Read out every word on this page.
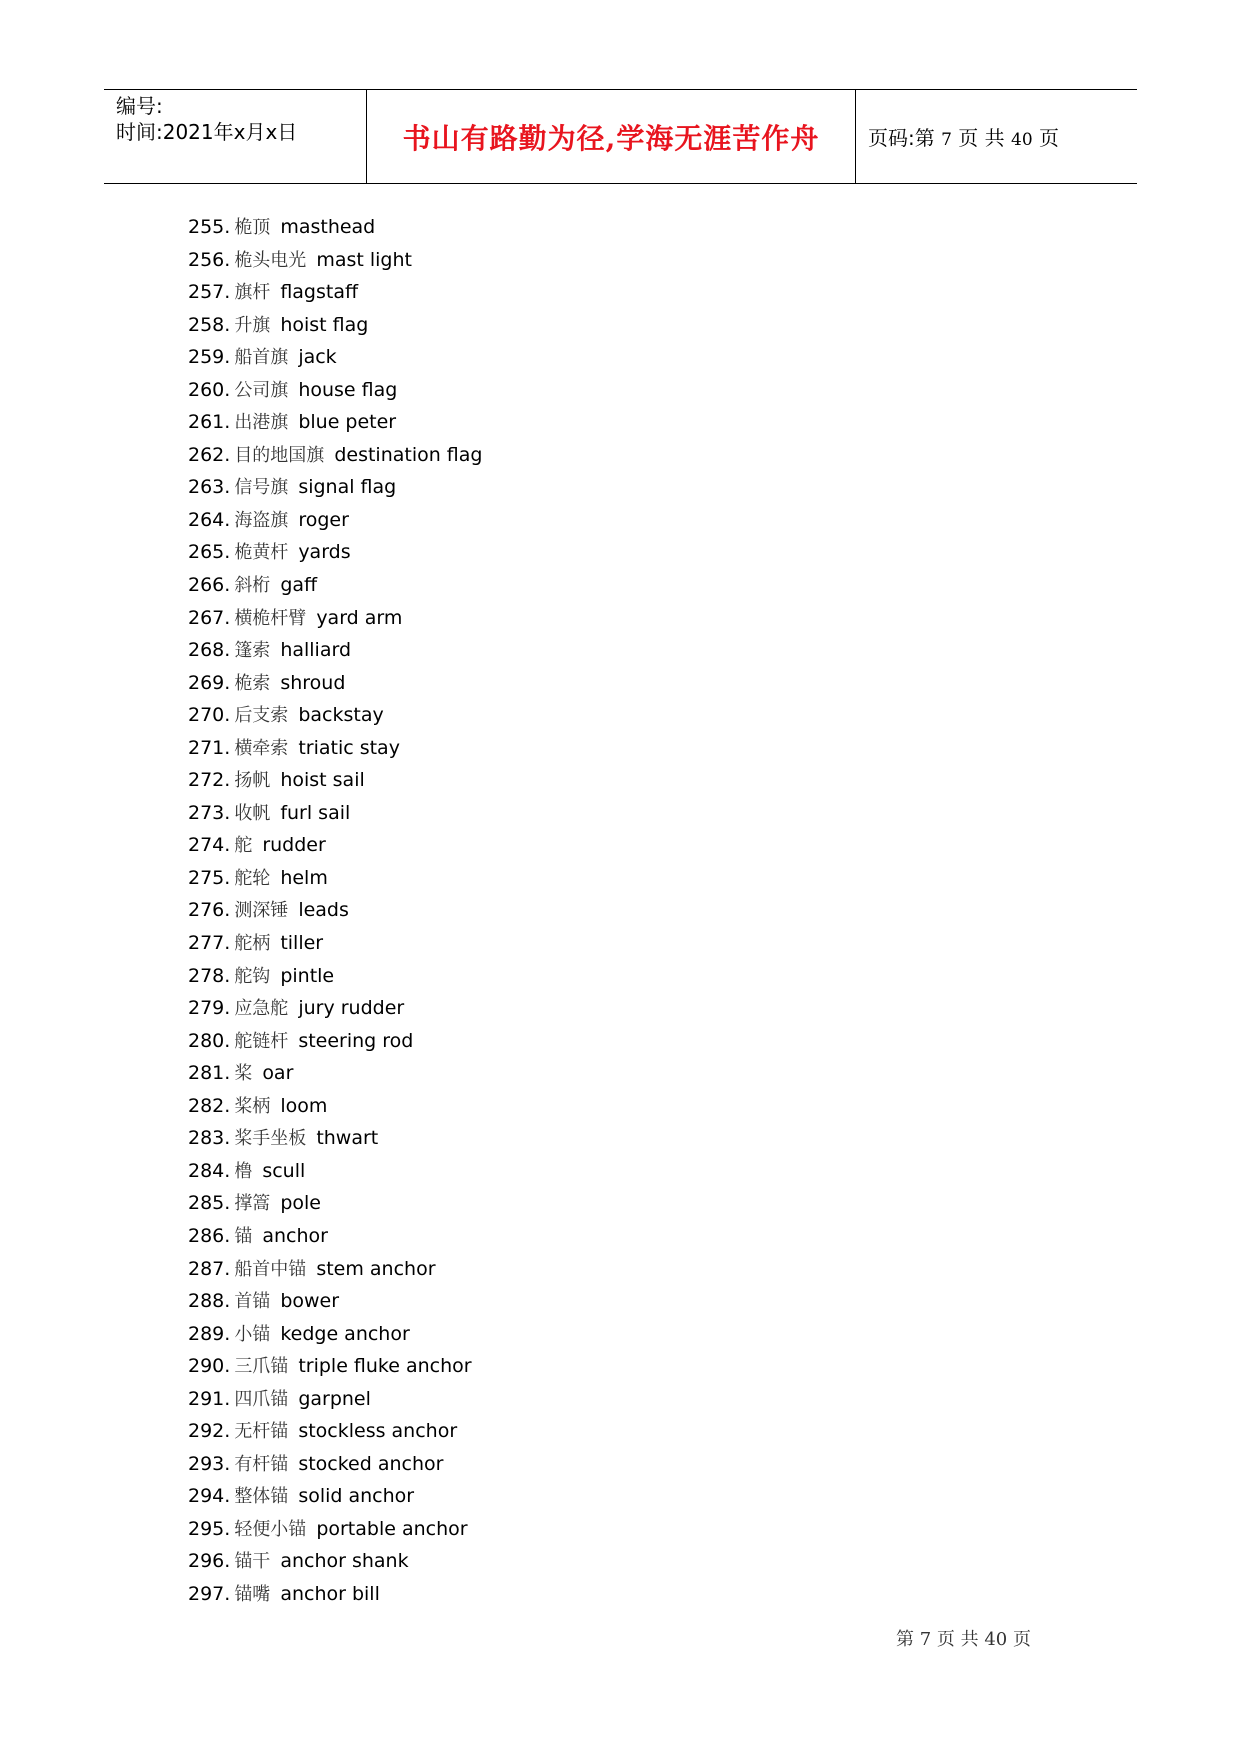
编号:
时间:2021年x月x日	书山有路勤为径,学海无涯苦作舟 页码:第 7 页 共 40 页
255. 桅顶 masthead
256. 桅头电光 mast light
257. 旗杆 flagstaff
258. 升旗 hoist flag
259. 船首旗 jack
260. 公司旗 house flag
261. 出港旗 blue peter
262. 目的地国旗 destination flag
263. 信号旗 signal flag
264. 海盗旗 roger
265. 桅黄杆 yards
266. 斜桁 gaff
267. 横桅杆臂 yard arm
268. 篷索 halliard
269. 桅索 shroud
270. 后支索 backstay
271. 横牵索 triatic stay
272. 扬帆 hoist sail
273. 收帆 furl sail
274. 舵 rudder
275. 舵轮 helm
276. 测深锤 leads
277. 舵柄 tiller
278. 舵钩 pintle
279. 应急舵 jury rudder
280. 舵链杆 steering rod
281. 桨 oar
282. 桨柄 loom
283. 桨手坐板 thwart
284. 橹 scull
285. 撑篙 pole
286. 锚 anchor
287. 船首中锚 stem anchor
288. 首锚 bower
289. 小锚 kedge anchor
290. 三爪锚 triple fluke anchor
291. 四爪锚 garpnel
292. 无杆锚 stockless anchor
293. 有杆锚 stocked anchor
294. 整体锚 solid anchor
295. 轻便小锚 portable anchor
296. 锚干 anchor shank
297. 锚嘴 anchor bill
第 7 页 共 40 页
